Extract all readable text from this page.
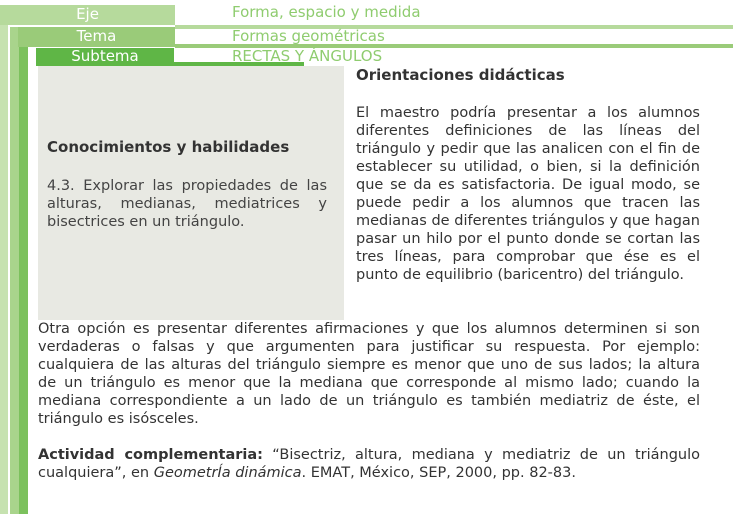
Eje	Forma, espacio y medida
Tema	Formas geométricas
Subtema	RECTAS Y ÁNGULOS
Conocimientos y habilidades
4.3. Explorar las propiedades de las alturas, medianas, mediatrices y bisectrices en un triángulo.
Orientaciones didácticas
El maestro podría presentar a los alumnos diferentes definiciones de las líneas del triángulo y pedir que las analicen con el fin de establecer su utilidad, o bien, si la definición que se da es satisfactoria. De igual modo, se puede pedir a los alumnos que tracen las medianas de diferentes triángulos y que hagan pasar un hilo por el punto donde se cortan las tres líneas, para comprobar que ése es el punto de equilibrio (baricentro) del triángulo.
Otra opción es presentar diferentes afirmaciones y que los alumnos determinen si son verdaderas o falsas y que argumenten para justificar su respuesta. Por ejemplo: cualquiera de las alturas del triángulo siempre es menor que uno de sus lados; la altura de un triángulo es menor que la mediana que corresponde al mismo lado; cuando la mediana correspondiente a un lado de un triángulo es también mediatriz de éste, el triángulo es isósceles.
Actividad complementaria: “Bisectriz, altura, mediana y mediatriz de un triángulo cualquiera”, en GeometrÍa dinámica. EMAT, México, SEP, 2000, pp. 82-83.
